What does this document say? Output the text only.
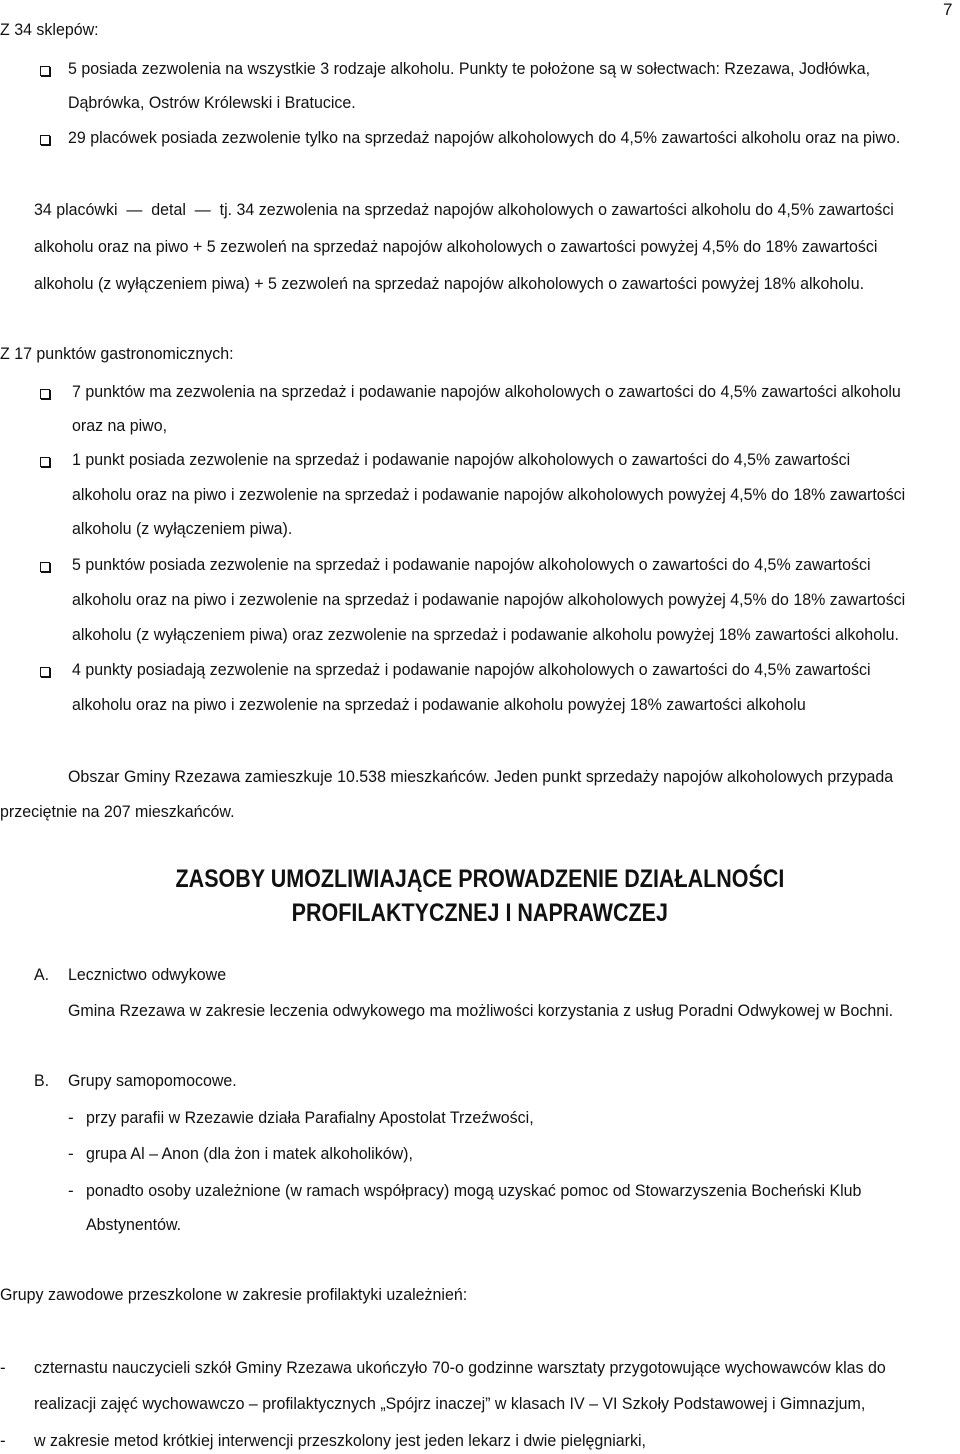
7
Z 34 sklepów:
5 posiada zezwolenia na wszystkie 3 rodzaje alkoholu. Punkty te położone są w sołectwach: Rzezawa, Jodłówka,
Dąbrówka, Ostrów Królewski i Bratucice.
29 placówek posiada zezwolenie tylko na sprzedaż napojów alkoholowych do 4,5% zawartości alkoholu oraz na piwo.
34 placówki  —  detal  —  tj. 34 zezwolenia na sprzedaż napojów alkoholowych o zawartości alkoholu do 4,5% zawartości
alkoholu oraz na piwo + 5 zezwoleń na sprzedaż napojów alkoholowych o zawartości powyżej 4,5% do 18% zawartości
alkoholu (z wyłączeniem piwa) + 5 zezwoleń na sprzedaż napojów alkoholowych o zawartości powyżej 18% alkoholu.
Z 17 punktów gastronomicznych:
7 punktów ma zezwolenia na sprzedaż i podawanie napojów alkoholowych o zawartości do 4,5% zawartości alkoholu
oraz na piwo,
1 punkt posiada zezwolenie na sprzedaż i podawanie napojów alkoholowych o zawartości do 4,5% zawartości
alkoholu oraz na piwo i zezwolenie na sprzedaż i podawanie napojów alkoholowych powyżej 4,5% do 18% zawartości
alkoholu (z wyłączeniem piwa).
5 punktów posiada zezwolenie na sprzedaż i podawanie napojów alkoholowych o zawartości do 4,5% zawartości
alkoholu oraz na piwo i zezwolenie na sprzedaż i podawanie napojów alkoholowych powyżej 4,5% do 18% zawartości
alkoholu (z wyłączeniem piwa) oraz zezwolenie na sprzedaż i podawanie alkoholu powyżej 18% zawartości alkoholu.
4 punkty posiadają zezwolenie na sprzedaż i podawanie napojów alkoholowych o zawartości do 4,5% zawartości
alkoholu oraz na piwo i zezwolenie na sprzedaż i podawanie alkoholu powyżej 18% zawartości alkoholu
Obszar Gminy Rzezawa zamieszkuje 10.538 mieszkańców. Jeden punkt sprzedaży napojów alkoholowych przypada
przeciętnie na 207 mieszkańców.
ZASOBY UMOZLIWIAJĄCE PROWADZENIE DZIAŁALNOŚCI
PROFILAKTYCZNEJ I NAPRAWCZEJ
A. Lecznictwo odwykowe
Gmina Rzezawa w zakresie leczenia odwykowego ma możliwości korzystania z usług Poradni Odwykowej w Bochni.
B. Grupy samopomocowe.
- przy parafii w Rzezawie działa Parafialny Apostolat Trzeźwości,
- grupa Al – Anon (dla żon i matek alkoholików),
- ponadto osoby uzależnione (w ramach współpracy) mogą uzyskać pomoc od Stowarzyszenia Bocheński Klub
Abstynentów.
Grupy zawodowe przeszkolone w zakresie profilaktyki uzależnień:
- czternastu nauczycieli szkół Gminy Rzezawa ukończyło 70-o godzinne warsztaty przygotowujące wychowawców klas do
realizacji zajęć wychowawczo – profilaktycznych „Spójrz inaczej” w klasach IV – VI Szkoły Podstawowej i Gimnazjum,
- w zakresie metod krótkiej interwencji przeszkolony jest jeden lekarz i dwie pielęgniarki,
